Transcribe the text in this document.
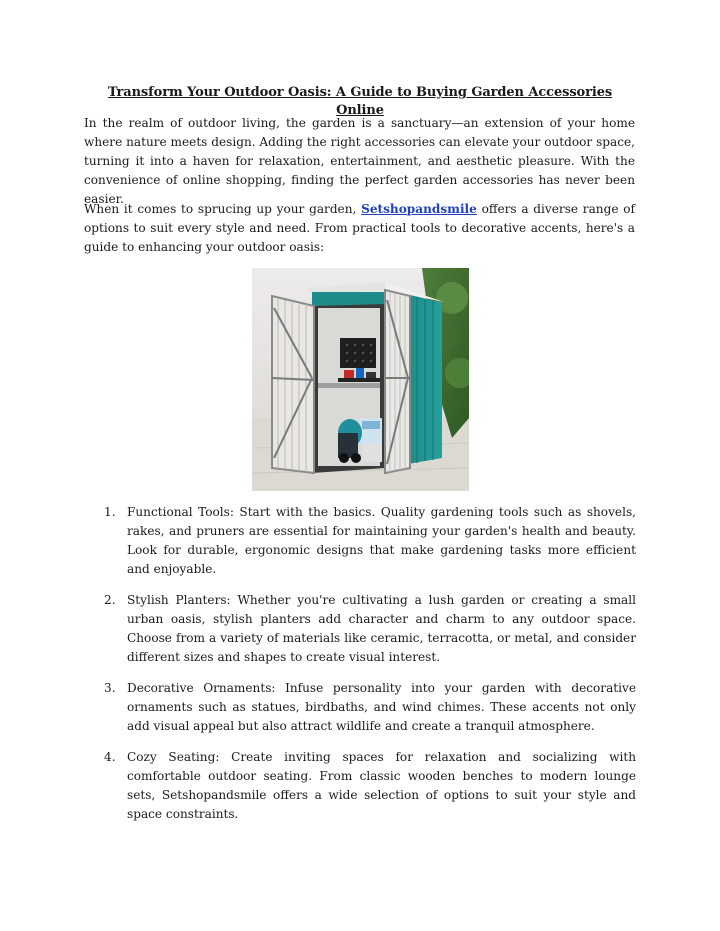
Transform Your Outdoor Oasis: A Guide to Buying Garden Accessories Online

In the realm of outdoor living, the garden is a sanctuary—an extension of your home where nature meets design. Adding the right accessories can elevate your outdoor space, turning it into a haven for relaxation, entertainment, and aesthetic pleasure. With the convenience of online shopping, finding the perfect garden accessories has never been easier.

When it comes to sprucing up your garden, Setshopandsmile offers a diverse range of options to suit every style and need. From practical tools to decorative accents, here's a guide to enhancing your outdoor oasis:

1. Functional Tools: Start with the basics. Quality gardening tools such as shovels, rakes, and pruners are essential for maintaining your garden's health and beauty. Look for durable, ergonomic designs that make gardening tasks more efficient and enjoyable.
2. Stylish Planters: Whether you're cultivating a lush garden or creating a small urban oasis, stylish planters add character and charm to any outdoor space. Choose from a variety of materials like ceramic, terracotta, or metal, and consider different sizes and shapes to create visual interest.
3. Decorative Ornaments: Infuse personality into your garden with decorative ornaments such as statues, birdbaths, and wind chimes. These accents not only add visual appeal but also attract wildlife and create a tranquil atmosphere.
4. Cozy Seating: Create inviting spaces for relaxation and socializing with comfortable outdoor seating. From classic wooden benches to modern lounge sets, Setshopandsmile offers a wide selection of options to suit your style and space constraints.
